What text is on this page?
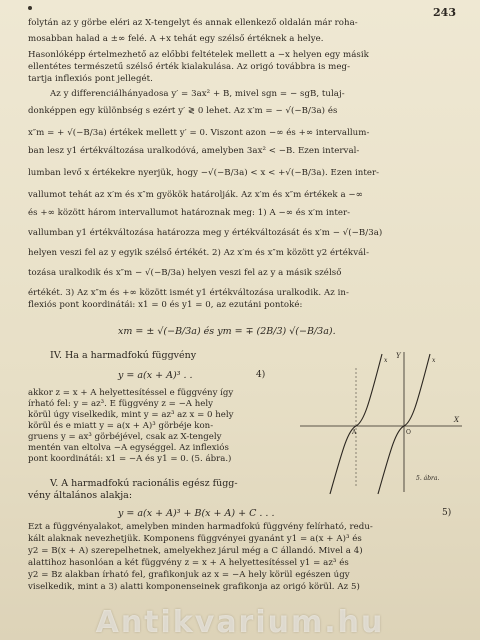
243
folytán az y görbe eléri az X-tengelyt és annak ellenkező oldalán már roha-
mosabban halad a ±∞ felé. A +x tehát egy szélső értéknek a helye.
Hasonlóképp értelmezhető az előbbi feltételek mellett a −x helyen egy másik
ellentétes természetű szélső érték kialakulása. Az origó továbbra is meg-
tartja inflexiós pont jellegét.
Az y differenciálhányadosa y′ = 3ax² + B, mivel sgn = − sgB, tulaj-
donképpen egy különbség s ezért y′ ≷ 0 lehet. Az x′m = − √(−B/3a) és
x″m = + √(−B/3a) értékek mellett y′ = 0. Viszont azon −∞ és +∞ intervallum-
ban lesz y1 értékváltozása uralkodóvá, amelyben 3ax² < −B. Ezen interval-
lumban levő x értékekre nyerjük, hogy −√(−B/3a) < x < +√(−B/3a). Ezen inter-
vallumot tehát az x′m és x″m gyökök határolják. Az x′m és x″m értékek a −∞
és +∞ között három intervallumot határoznak meg: 1) A −∞ és x′m inter-
vallumban y1 értékváltozása határozza meg y értékváltozását és x′m − √(−B/3a)
helyen veszi fel az y egyik szélső értékét. 2) Az x′m és x″m között y2 értékvál-
tozása uralkodik és x″m − √(−B/3a) helyen veszi fel az y a másik szélső
értékét. 3) Az x″m és +∞ között ismét y1 értékváltozása uralkodik. Az in-
flexiós pont koordinátái: x1 = 0 és y1 = 0, az ezutáni pontoké:
xm = ± √(−B/3a) és ym = ∓ (2B/3) √(−B/3a).
IV. Ha a harmadfokú függvény
y = a(x + A)³ . .	4)
akkor z = x + A helyettesítéssel e függvény így
írható fel: y = az³. E függvény z = −A hely
körül úgy viselkedik, mint y = az³ az x = 0 hely
körül és e miatt y = a(x + A)³ görbéje kon-
gruens y = ax³ görbéjével, csak az X-tengely
mentén van eltolva −A egységgel. Az inflexiós
pont koordinátái: x1 = −A és y1 = 0. (5. ábra.)
Y
X
O
A
x
x
5. ábra.
V. A harmadfokú racionális egész függ-
vény általános alakja:
y = a(x + A)³ + B(x + A) + C . . .	5)
Ezt a függvényalakot, amelyben minden harmadfokú függvény felírható, redu-
kált alaknak nevezhetjük. Komponens függvényei gyanánt y1 = a(x + A)³ és
y2 = B(x + A) szerepelhetnek, amelyekhez járul még a C állandó. Mivel a 4)
alattihoz hasonlóan a két függvény z = x + A helyettesítéssel y1 = az³ és
y2 = Bz alakban írható fel, grafikonjuk az x = −A hely körül egészen úgy
viselkedik, mint a 3) alatti komponenseinek grafikonja az origó körül. Az 5)
Antikvarium.hu
